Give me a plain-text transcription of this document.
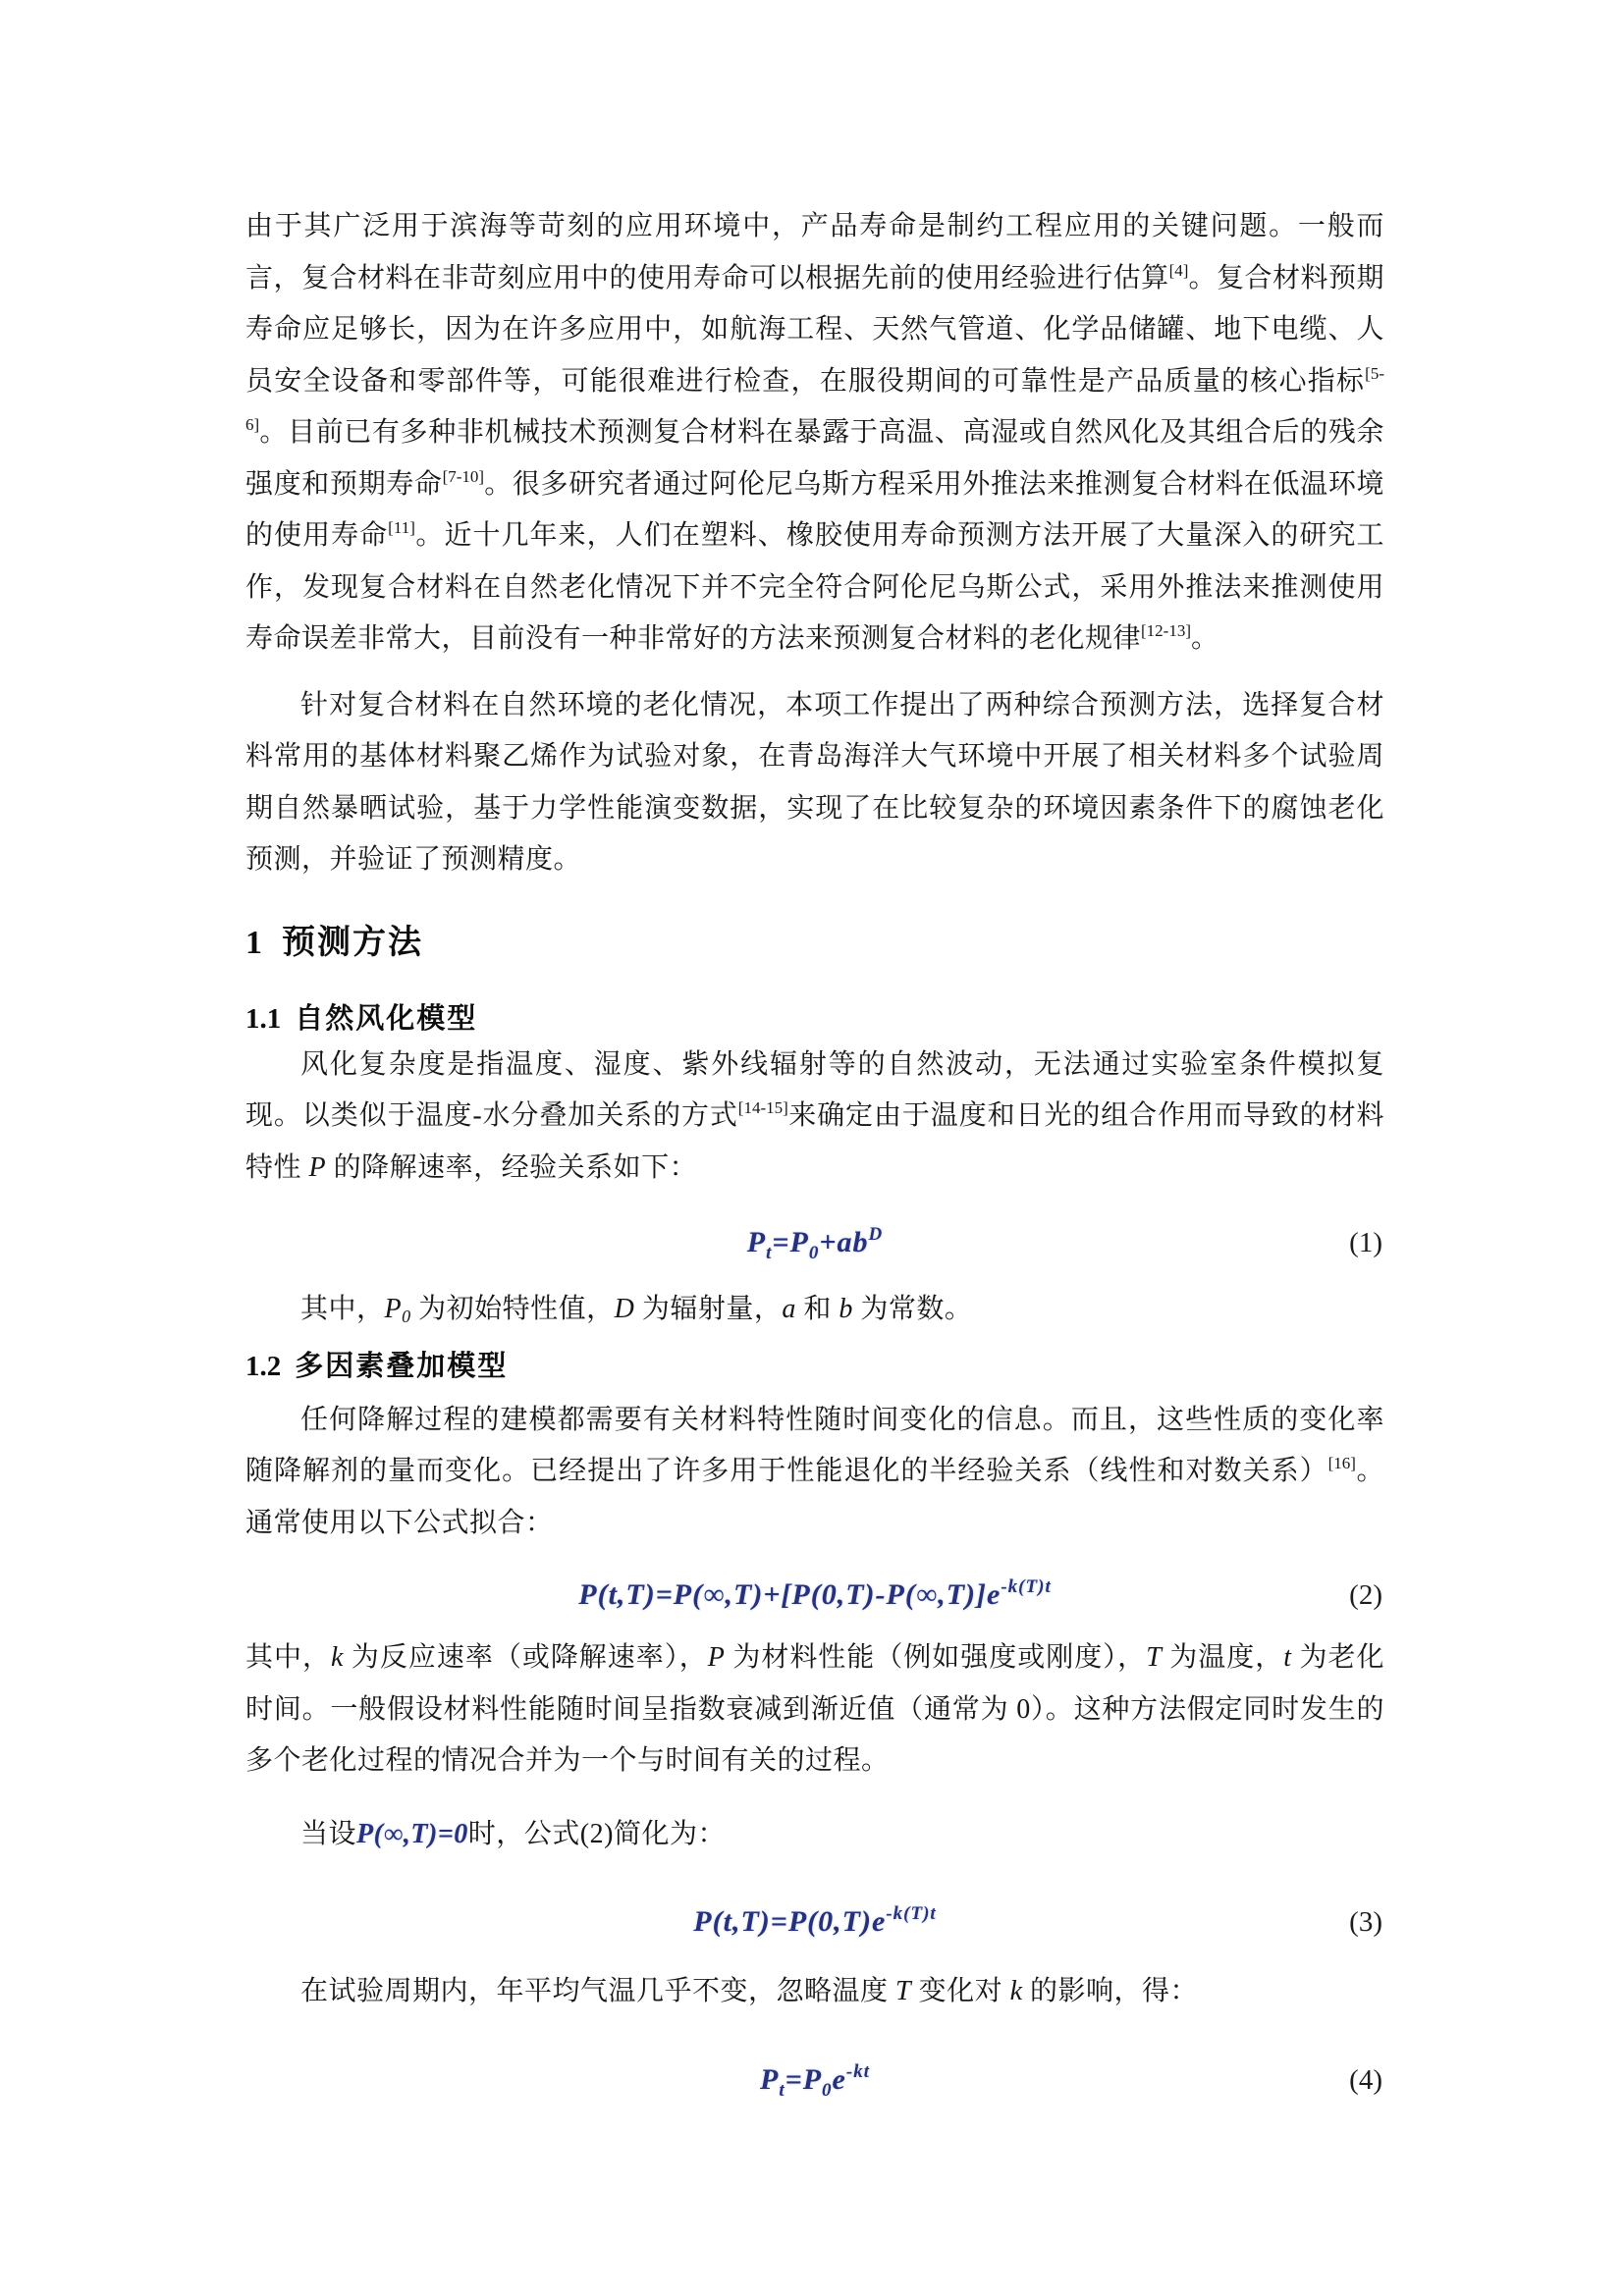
由于其广泛用于滨海等苛刻的应用环境中，产品寿命是制约工程应用的关键问题。一般而言，复合材料在非苛刻应用中的使用寿命可以根据先前的使用经验进行估算[4]。复合材料预期寿命应足够长，因为在许多应用中，如航海工程、天然气管道、化学品储罐、地下电缆、人员安全设备和零部件等，可能很难进行检查，在服役期间的可靠性是产品质量的核心指标[5-6]。目前已有多种非机械技术预测复合材料在暴露于高温、高湿或自然风化及其组合后的残余强度和预期寿命[7-10]。很多研究者通过阿伦尼乌斯方程采用外推法来推测复合材料在低温环境的使用寿命[11]。近十几年来，人们在塑料、橡胶使用寿命预测方法开展了大量深入的研究工作，发现复合材料在自然老化情况下并不完全符合阿伦尼乌斯公式，采用外推法来推测使用寿命误差非常大，目前没有一种非常好的方法来预测复合材料的老化规律[12-13]。

针对复合材料在自然环境的老化情况，本项工作提出了两种综合预测方法，选择复合材料常用的基体材料聚乙烯作为试验对象，在青岛海洋大气环境中开展了相关材料多个试验周期自然暴晒试验，基于力学性能演变数据，实现了在比较复杂的环境因素条件下的腐蚀老化预测，并验证了预测精度。

1 预测方法
1.1 自然风化模型

风化复杂度是指温度、湿度、紫外线辐射等的自然波动，无法通过实验室条件模拟复现。以类似于温度-水分叠加关系的方式[14-15]来确定由于温度和日光的组合作用而导致的材料特性 P 的降解速率，经验关系如下：

$P_t=P_0+ab^D$	(1)

其中，P0 为初始特性值，D 为辐射量，a 和 b 为常数。

1.2 多因素叠加模型

任何降解过程的建模都需要有关材料特性随时间变化的信息。而且，这些性质的变化率随降解剂的量而变化。已经提出了许多用于性能退化的半经验关系（线性和对数关系）[16]。通常使用以下公式拟合：

$P(t,T)=P(\infty,T)+[P(0,T)-P(\infty,T)]e^{-k(T)t}$	(2)

其中，k 为反应速率（或降解速率），P 为材料性能（例如强度或刚度），T 为温度，t 为老化时间。一般假设材料性能随时间呈指数衰减到渐近值（通常为 0）。这种方法假定同时发生的多个老化过程的情况合并为一个与时间有关的过程。

当设P(∞,T)=0时，公式(2)简化为：

$P(t,T)=P(0,T)e^{-k(T)t}$	(3)

在试验周期内，年平均气温几乎不变，忽略温度 T 变化对 k 的影响，得：

$P_t=P_0e^{-kt}$	(4)
